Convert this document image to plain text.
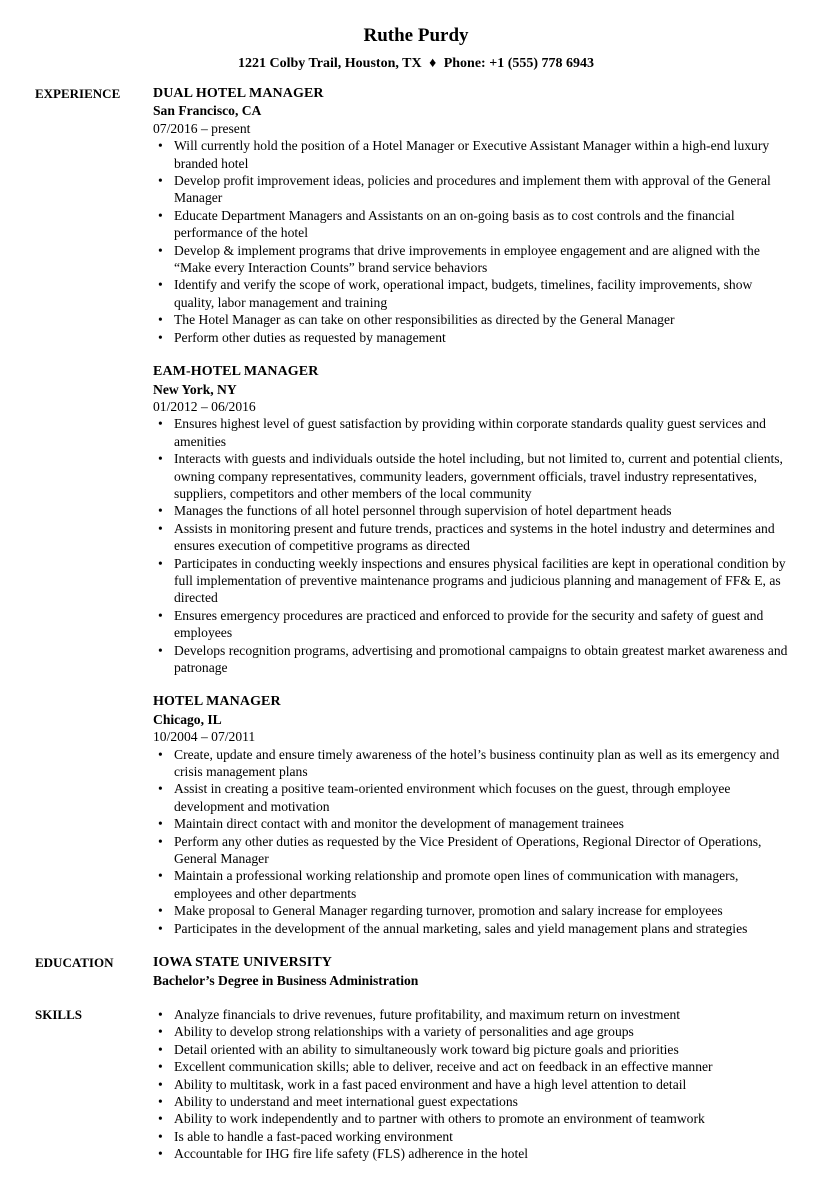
Ruthe Purdy
1221 Colby Trail, Houston, TX ♦ Phone: +1 (555) 778 6943
EXPERIENCE	DUAL HOTEL MANAGER
San Francisco, CA
07/2016 – present
• Will currently hold the position of a Hotel Manager or Executive Assistant Manager within a high-end luxury branded hotel
• Develop profit improvement ideas, policies and procedures and implement them with approval of the General Manager
• Educate Department Managers and Assistants on an on-going basis as to cost controls and the financial performance of the hotel
• Develop & implement programs that drive improvements in employee engagement and are aligned with the “Make every Interaction Counts” brand service behaviors
• Identify and verify the scope of work, operational impact, budgets, timelines, facility improvements, show quality, labor management and training
• The Hotel Manager as can take on other responsibilities as directed by the General Manager
• Perform other duties as requested by management
EAM-HOTEL MANAGER
New York, NY
01/2012 – 06/2016
• Ensures highest level of guest satisfaction by providing within corporate standards quality guest services and amenities
• Interacts with guests and individuals outside the hotel including, but not limited to, current and potential clients, owning company representatives, community leaders, government officials, travel industry representatives, suppliers, competitors and other members of the local community
• Manages the functions of all hotel personnel through supervision of hotel department heads
• Assists in monitoring present and future trends, practices and systems in the hotel industry and determines and ensures execution of competitive programs as directed
• Participates in conducting weekly inspections and ensures physical facilities are kept in operational condition by full implementation of preventive maintenance programs and judicious planning and management of FF& E, as directed
• Ensures emergency procedures are practiced and enforced to provide for the security and safety of guest and employees
• Develops recognition programs, advertising and promotional campaigns to obtain greatest market awareness and patronage
HOTEL MANAGER
Chicago, IL
10/2004 – 07/2011
• Create, update and ensure timely awareness of the hotel’s business continuity plan as well as its emergency and crisis management plans
• Assist in creating a positive team-oriented environment which focuses on the guest, through employee development and motivation
• Maintain direct contact with and monitor the development of management trainees
• Perform any other duties as requested by the Vice President of Operations, Regional Director of Operations, General Manager
• Maintain a professional working relationship and promote open lines of communication with managers, employees and other departments
• Make proposal to General Manager regarding turnover, promotion and salary increase for employees
• Participates in the development of the annual marketing, sales and yield management plans and strategies
EDUCATION	IOWA STATE UNIVERSITY
Bachelor’s Degree in Business Administration
SKILLS	• Analyze financials to drive revenues, future profitability, and maximum return on investment
• Ability to develop strong relationships with a variety of personalities and age groups
• Detail oriented with an ability to simultaneously work toward big picture goals and priorities
• Excellent communication skills; able to deliver, receive and act on feedback in an effective manner
• Ability to multitask, work in a fast paced environment and have a high level attention to detail
• Ability to understand and meet international guest expectations
• Ability to work independently and to partner with others to promote an environment of teamwork
• Is able to handle a fast-paced working environment
• Accountable for IHG fire life safety (FLS) adherence in the hotel
